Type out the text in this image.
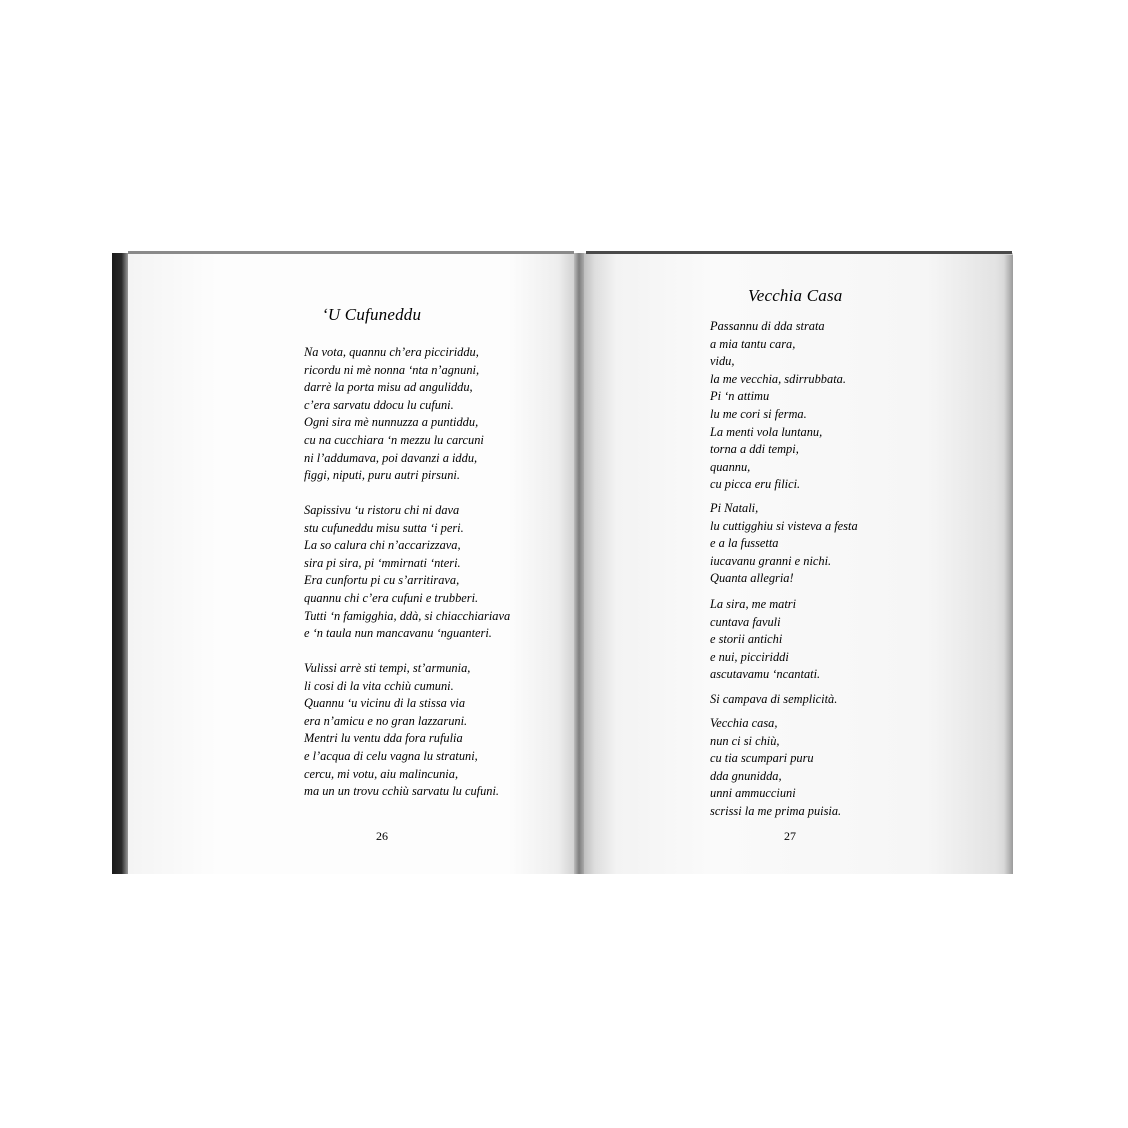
‘U Cufuneddu
Na vota, quannu ch’era picciriddu,
ricordu ni mè nonna ‘nta n’agnuni,
darrè la porta misu ad anguliddu,
c’era sarvatu ddocu lu cufuni.
Ogni sira mè nunnuzza a puntiddu,
cu na cucchiara ‘n mezzu lu carcuni
ni l’addumava, poi davanzi a iddu,
figgi, niputi, puru autri pirsuni.
Sapissivu ‘u ristoru chi ni dava
stu cufuneddu misu sutta ‘i peri.
La so calura chi n’accarizzava,
sira pi sira, pi ‘mmirnati ‘nteri.
Era cunfortu pi cu s’arritirava,
quannu chi c’era cufuni e trubberi.
Tutti ‘n famigghia, ddà, si chiacchiariava
e ‘n taula nun mancavanu ‘nguanteri.
Vulissi arrè sti tempi, st’armunia,
li cosi di la vita cchiù cumuni.
Quannu ‘u vicinu di la stissa via
era n’amicu e no gran lazzaruni.
Mentri lu ventu dda fora rufulia
e l’acqua di celu vagna lu stratuni,
cercu, mi votu, aiu malincunia,
ma un un trovu cchiù sarvatu lu cufuni.
26
Vecchia Casa
Passannu di dda strata
a mia tantu cara,
vidu,
la me vecchia, sdirrubbata.
Pi ‘n attimu
lu me cori si ferma.
La menti vola luntanu,
torna a ddi tempi,
quannu,
cu picca eru filici.
Pi Natali,
lu cuttigghiu si visteva a festa
e a la fussetta
iucavanu granni e nichi.
Quanta allegria!
La sira, me matri
cuntava favuli
e storii antichi
e nui, picciriddi
ascutavamu ‘ncantati.
Si campava di semplicità.
Vecchia casa,
nun ci si chiù,
cu tia scumpari puru
dda gnunidda,
unni ammucciuni
scrissi la me prima puisia.
27
